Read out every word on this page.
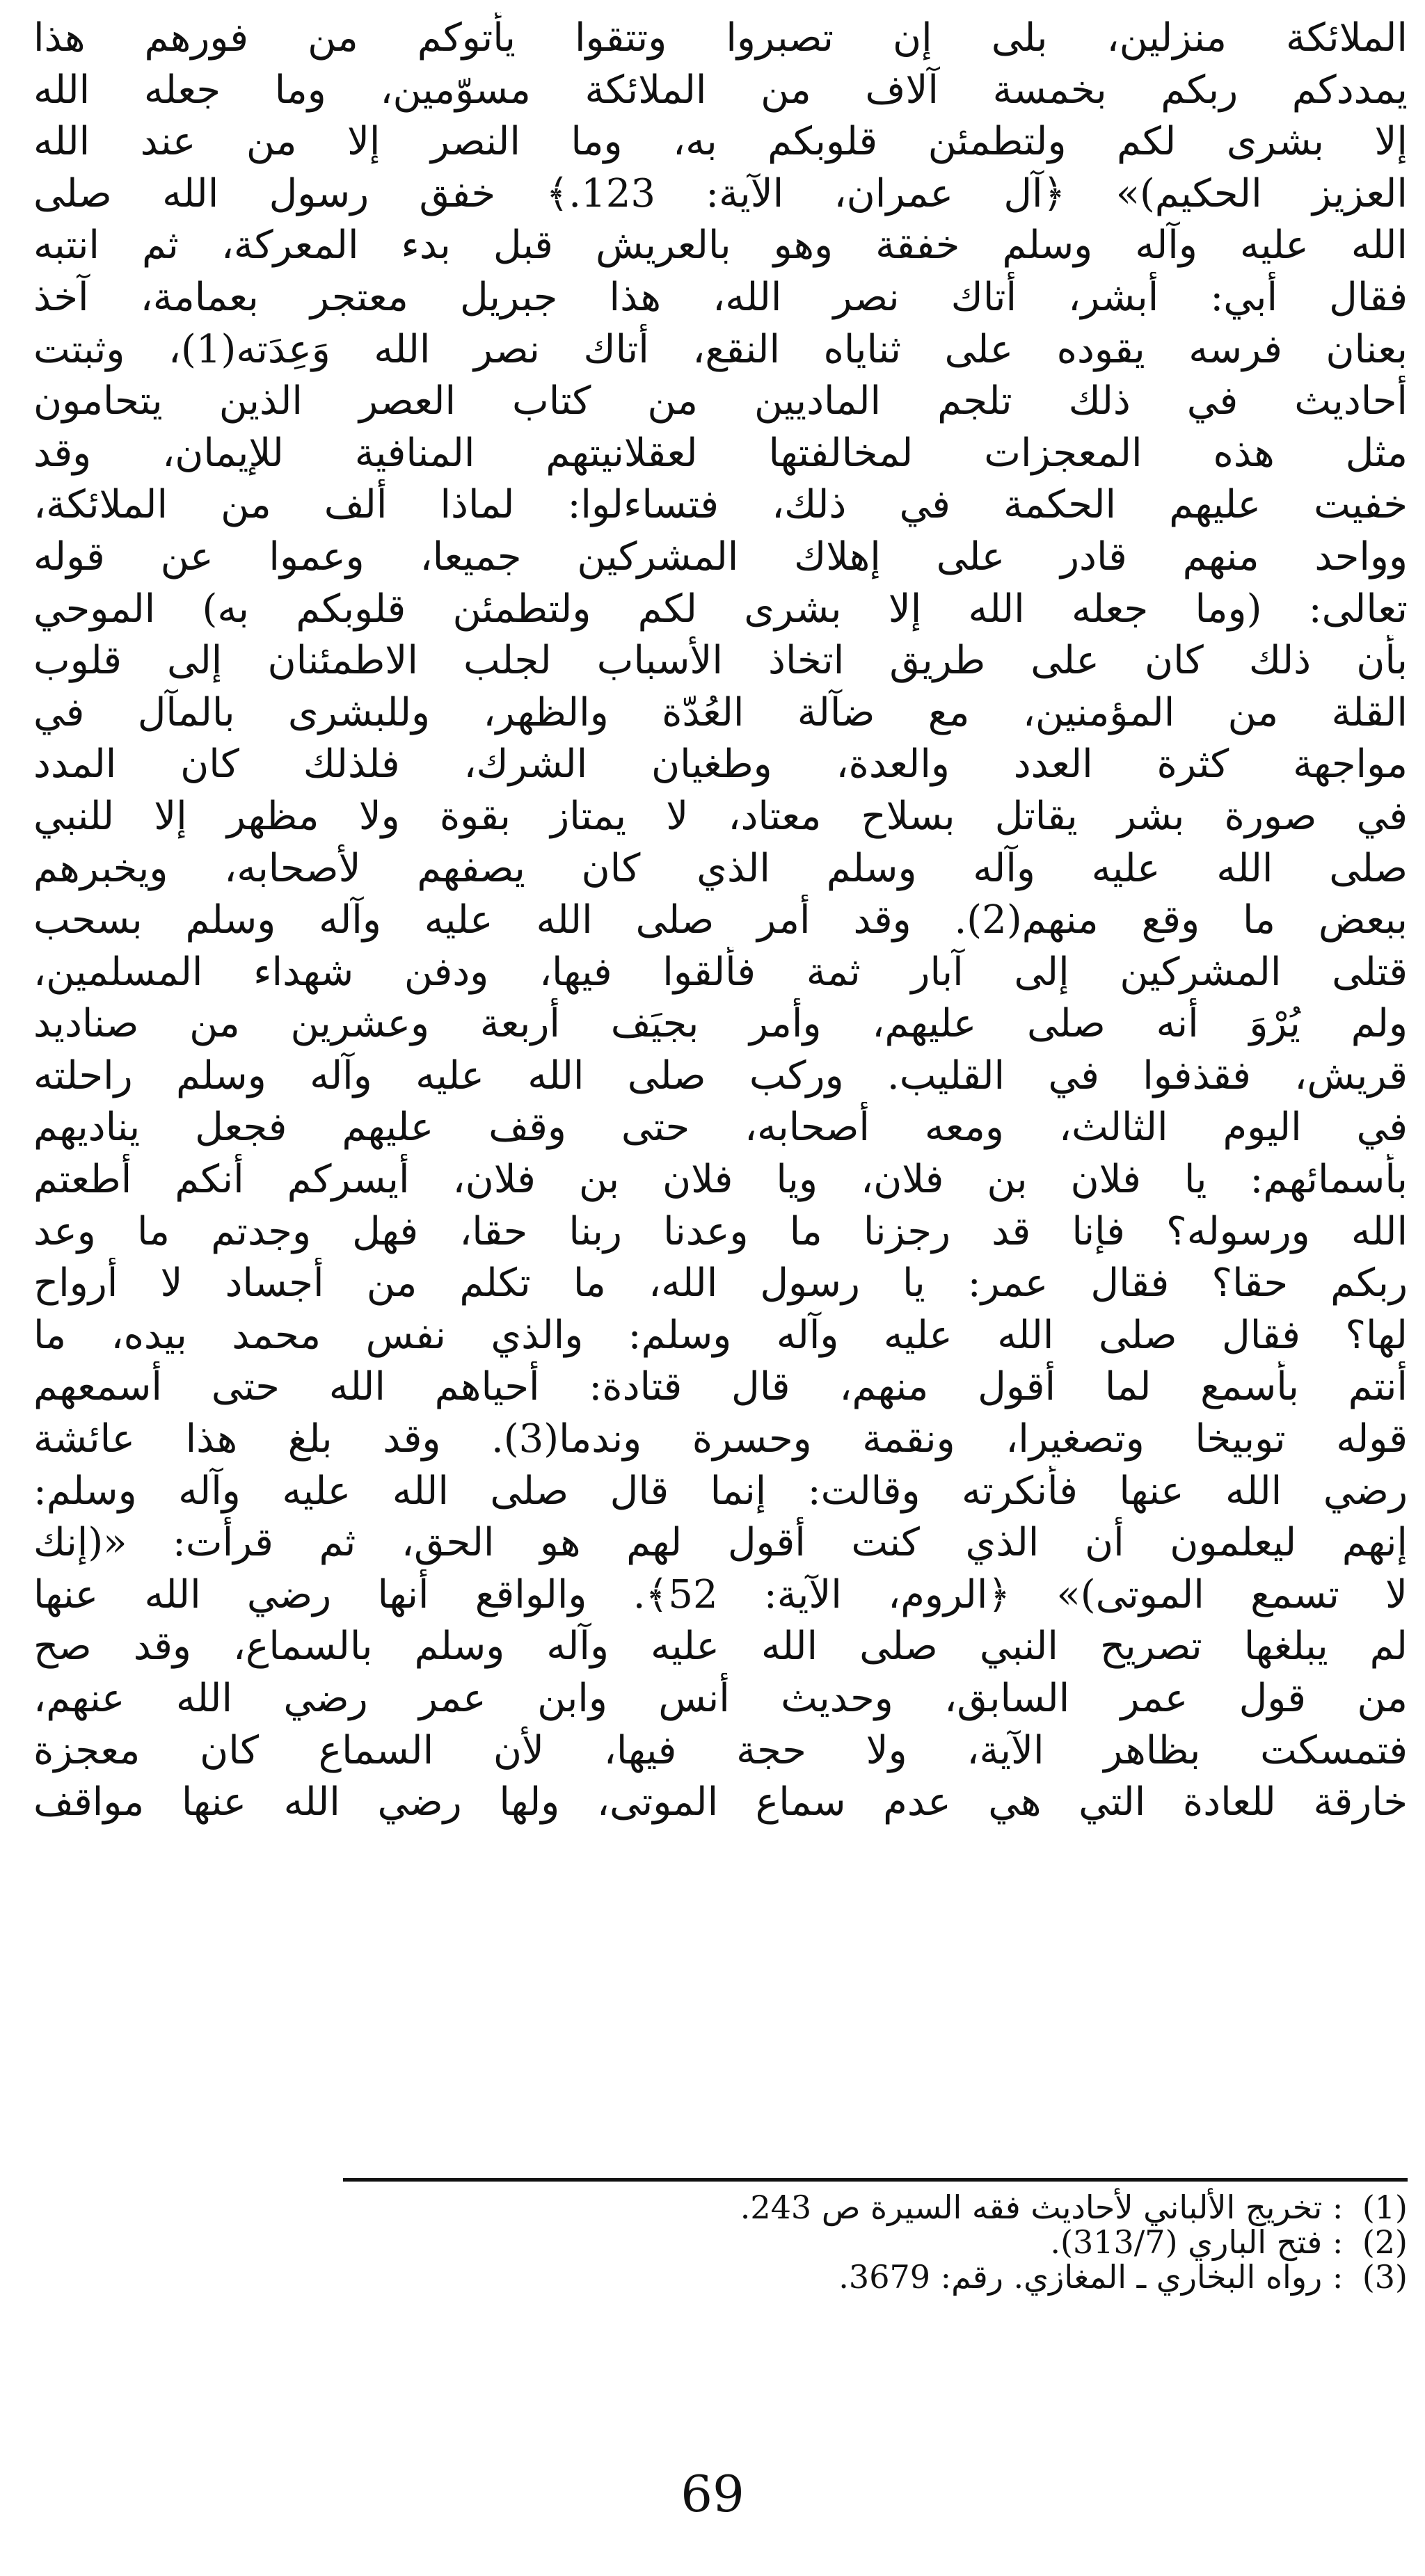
الملائكة منزلين، بلى إن تصبروا وتتقوا يأتوكم من فورهم هذا
يمددكم ربكم بخمسة آلاف من الملائكة مسوّمين، وما جعله الله
إلا بشرى لكم ولتطمئن قلوبكم به، وما النصر إلا من عند الله
العزيز الحكيم)» ﴿آل عمران، الآية: 123.﴾ خفق رسول الله صلى
الله عليه وآله وسلم خفقة وهو بالعريش قبل بدء المعركة، ثم انتبه
فقال أبي: أبشر، أتاك نصر الله، هذا جبريل معتجر بعمامة، آخذ
بعنان فرسه يقوده على ثناياه النقع، أتاك نصر الله وَعِدَته(1)، وثبتت
أحاديث في ذلك تلجم الماديين من كتاب العصر الذين يتحامون
مثل هذه المعجزات لمخالفتها لعقلانيتهم المنافية للإيمان، وقد
خفيت عليهم الحكمة في ذلك، فتساءلوا: لماذا ألف من الملائكة،
وواحد منهم قادر على إهلاك المشركين جميعا، وعموا عن قوله
تعالى: (وما جعله الله إلا بشرى لكم ولتطمئن قلوبكم به) الموحي
بأن ذلك كان على طريق اتخاذ الأسباب لجلب الاطمئنان إلى قلوب
القلة من المؤمنين، مع ضآلة العُدّة والظهر، وللبشرى بالمآل في
مواجهة كثرة العدد والعدة، وطغيان الشرك، فلذلك كان المدد
في صورة بشر يقاتل بسلاح معتاد، لا يمتاز بقوة ولا مظهر إلا للنبي
صلى الله عليه وآله وسلم الذي كان يصفهم لأصحابه، ويخبرهم
ببعض ما وقع منهم(2). وقد أمر صلى الله عليه وآله وسلم بسحب
قتلى المشركين إلى آبار ثمة فألقوا فيها، ودفن شهداء المسلمين،
ولم يُرْوَ أنه صلى عليهم، وأمر بجيَف أربعة وعشرين من صناديد
قريش، فقذفوا في القليب. وركب صلى الله عليه وآله وسلم راحلته
في اليوم الثالث، ومعه أصحابه، حتى وقف عليهم فجعل يناديهم
بأسمائهم: يا فلان بن فلان، ويا فلان بن فلان، أيسركم أنكم أطعتم
الله ورسوله؟ فإنا قد رجزنا ما وعدنا ربنا حقا، فهل وجدتم ما وعد
ربكم حقا؟ فقال عمر: يا رسول الله، ما تكلم من أجساد لا أرواح
لها؟ فقال صلى الله عليه وآله وسلم: والذي نفس محمد بيده، ما
أنتم بأسمع لما أقول منهم، قال قتادة: أحياهم الله حتى أسمعهم
قوله توبيخا وتصغيرا، ونقمة وحسرة وندما(3). وقد بلغ هذا عائشة
رضي الله عنها فأنكرته وقالت: إنما قال صلى الله عليه وآله وسلم:
إنهم ليعلمون أن الذي كنت أقول لهم هو الحق، ثم قرأت: «(إنك
لا تسمع الموتى)» ﴿الروم، الآية: 52﴾. والواقع أنها رضي الله عنها
لم يبلغها تصريح النبي صلى الله عليه وآله وسلم بالسماع، وقد صح
من قول عمر السابق، وحديث أنس وابن عمر رضي الله عنهم،
فتمسكت بظاهر الآية، ولا حجة فيها، لأن السماع كان معجزة
خارقة للعادة التي هي عدم سماع الموتى، ولها رضي الله عنها مواقف
(1) : تخريج الألباني لأحاديث فقه السيرة ص 243.
(2) : فتح الباري (313/7).
(3) : رواه البخاري ـ المغازي. رقم: 3679.
69
